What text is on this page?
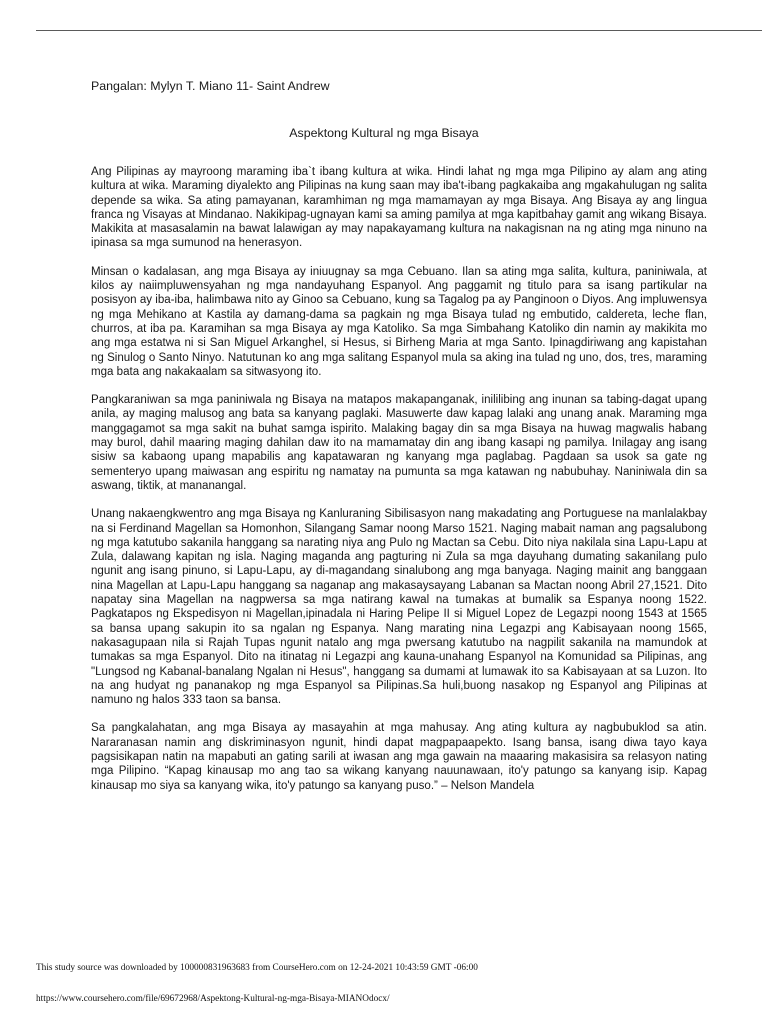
Pangalan: Mylyn T. Miano 11- Saint Andrew
Aspektong Kultural ng mga Bisaya

Ang Pilipinas ay mayroong maraming iba`t ibang kultura at wika. Hindi lahat ng mga mga Pilipino ay alam ang ating kultura at wika. Maraming diyalekto ang Pilipinas na kung saan may iba't-ibang pagkakaiba ang mgakahulugan ng salita depende sa wika. Sa ating pamayanan, karamhiman ng mga mamamayan ay mga Bisaya. Ang Bisaya ay ang lingua franca ng Visayas at Mindanao. Nakikipag-ugnayan kami sa aming pamilya at mga kapitbahay gamit ang wikang Bisaya. Makikita at masasalamin na bawat lalawigan ay may napakayamang kultura na nakagisnan na ng ating mga ninuno na ipinasa sa mga sumunod na henerasyon.

Minsan o kadalasan, ang mga Bisaya ay iniuugnay sa mga Cebuano. Ilan sa ating mga salita, kultura, paniniwala, at kilos ay naiimpluwensyahan ng mga nandayuhang Espanyol. Ang paggamit ng titulo para sa isang partikular na posisyon ay iba-iba, halimbawa nito ay Ginoo sa Cebuano, kung sa Tagalog pa ay Panginoon o Diyos. Ang impluwensya ng mga Mehikano at Kastila ay damang-dama sa pagkain ng mga Bisaya tulad ng embutido, caldereta, leche flan, churros, at iba pa. Karamihan sa mga Bisaya ay mga Katoliko. Sa mga Simbahang Katoliko din namin ay makikita mo ang mga estatwa ni si San Miguel Arkanghel, si Hesus, si Birheng Maria at mga Santo. Ipinagdiriwang ang kapistahan ng Sinulog o Santo Ninyo. Natutunan ko ang mga salitang Espanyol mula sa aking ina tulad ng uno, dos, tres, maraming mga bata ang nakakaalam sa sitwasyong ito.

Pangkaraniwan sa mga paniniwala ng Bisaya na matapos makapanganak, inililibing ang inunan sa tabing-dagat upang anila, ay maging malusog ang bata sa kanyang paglaki. Masuwerte daw kapag lalaki ang unang anak. Maraming mga manggagamot sa mga sakit na buhat samga ispirito. Malaking bagay din sa mga Bisaya na huwag magwalis habang may burol, dahil maaring maging dahilan daw ito na mamamatay din ang ibang kasapi ng pamilya. Inilagay ang isang sisiw sa kabaong upang mapabilis ang kapatawaran ng kanyang mga paglabag. Pagdaan sa usok sa gate ng sementeryo upang maiwasan ang espiritu ng namatay na pumunta sa mga katawan ng nabubuhay. Naniniwala din sa aswang, tiktik, at mananangal.

Unang nakaengkwentro ang mga Bisaya ng Kanluraning Sibilisasyon nang makadating ang Portuguese na manlalakbay na si Ferdinand Magellan sa Homonhon, Silangang Samar noong Marso 1521. Naging mabait naman ang pagsalubong ng mga katutubo sakanila hanggang sa narating niya ang Pulo ng Mactan sa Cebu. Dito niya nakilala sina Lapu-Lapu at Zula, dalawang kapitan ng isla. Naging maganda ang pagturing ni Zula sa mga dayuhang dumating sakanilang pulo ngunit ang isang pinuno, si Lapu-Lapu, ay di-magandang sinalubong ang mga banyaga. Naging mainit ang banggaan nina Magellan at Lapu-Lapu hanggang sa naganap ang makasaysayang Labanan sa Mactan noong Abril 27,1521. Dito napatay sina Magellan na nagpwersa sa mga natirang kawal na tumakas at bumalik sa Espanya noong 1522. Pagkatapos ng Ekspedisyon ni Magellan,ipinadala ni Haring Pelipe II si Miguel Lopez de Legazpi noong 1543 at 1565 sa bansa upang sakupin ito sa ngalan ng Espanya. Nang marating nina Legazpi ang Kabisayaan noong 1565, nakasagupaan nila si Rajah Tupas ngunit natalo ang mga pwersang katutubo na nagpilit sakanila na mamundok at tumakas sa mga Espanyol. Dito na itinatag ni Legazpi ang kauna-unahang Espanyol na Komunidad sa Pilipinas, ang "Lungsod ng Kabanal-banalang Ngalan ni Hesus", hanggang sa dumami at lumawak ito sa Kabisayaan at sa Luzon. Ito na ang hudyat ng pananakop ng mga Espanyol sa Pilipinas.Sa huli,buong nasakop ng Espanyol ang Pilipinas at namuno ng halos 333 taon sa bansa.

Sa pangkalahatan, ang mga Bisaya ay masayahin at mga mahusay. Ang ating kultura ay nagbubuklod sa atin. Nararanasan namin ang diskriminasyon ngunit, hindi dapat magpapaapekto. Isang bansa, isang diwa tayo kaya pagsisikapan natin na mapabuti an gating sarili at iwasan ang mga gawain na maaaring makasisira sa relasyon nating mga Pilipino. “Kapag kinausap mo ang tao sa wikang kanyang nauunawaan, ito'y patungo sa kanyang isip. Kapag kinausap mo siya sa kanyang wika, ito'y patungo sa kanyang puso.” – Nelson Mandela

This study source was downloaded by 100000831963683 from CourseHero.com on 12-24-2021 10:43:59 GMT -06:00
https://www.coursehero.com/file/69672968/Aspektong-Kultural-ng-mga-Bisaya-MIANOdocx/
